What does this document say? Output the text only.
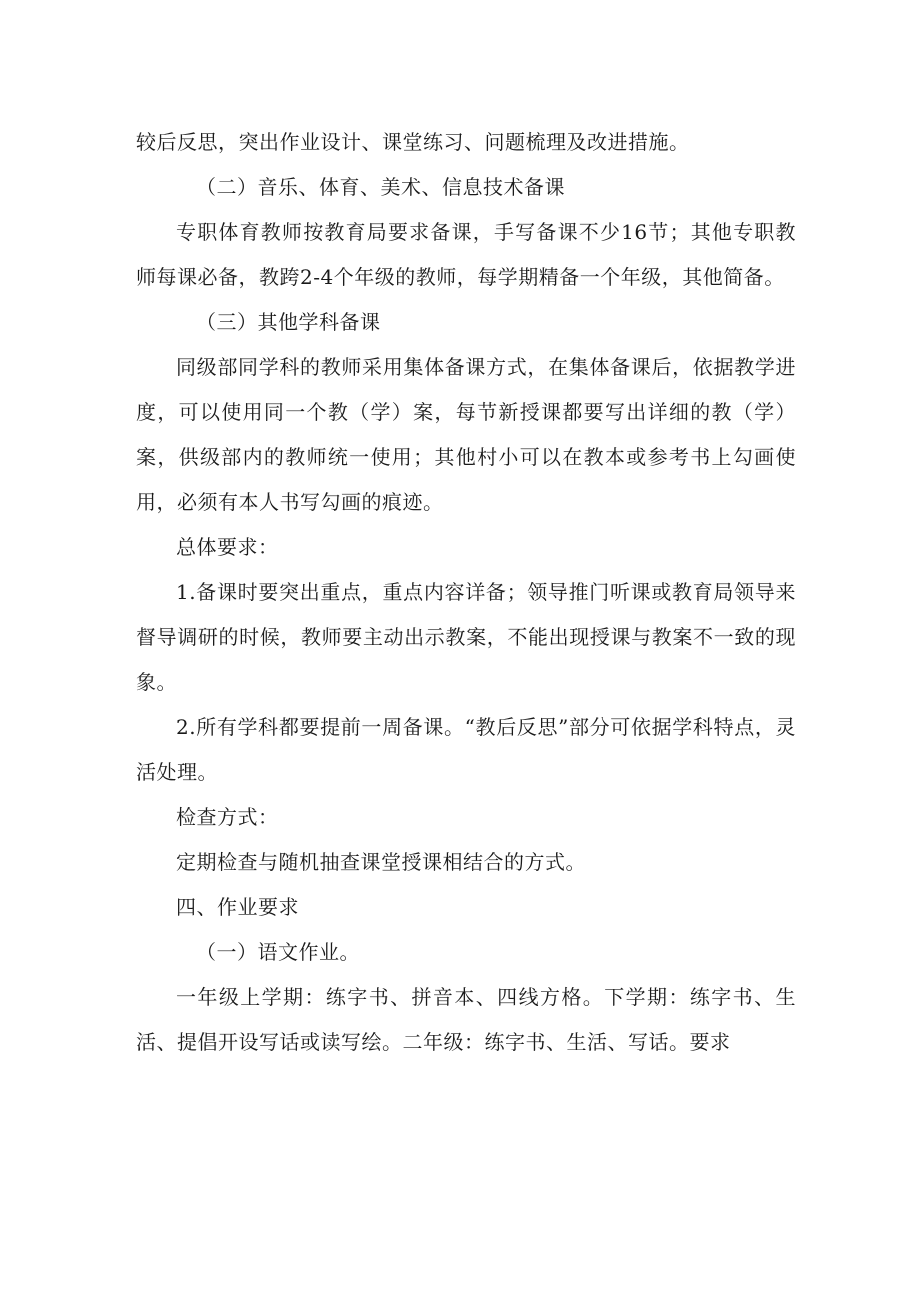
较后反思，突出作业设计、课堂练习、问题梳理及改进措施。

（二）音乐、体育、美术、信息技术备课

专职体育教师按教育局要求备课，手写备课不少16节；其他专职教师每课必备，教跨2-4个年级的教师，每学期精备一个年级，其他简备。

（三）其他学科备课

同级部同学科的教师采用集体备课方式，在集体备课后，依据教学进度，可以使用同一个教（学）案，每节新授课都要写出详细的教（学）案，供级部内的教师统一使用；其他村小可以在教本或参考书上勾画使用，必须有本人书写勾画的痕迹。

总体要求：

1.备课时要突出重点，重点内容详备；领导推门听课或教育局领导来督导调研的时候，教师要主动出示教案，不能出现授课与教案不一致的现象。

2.所有学科都要提前一周备课。“教后反思”部分可依据学科特点，灵活处理。

检查方式：

定期检查与随机抽查课堂授课相结合的方式。

四、作业要求

（一）语文作业。

一年级上学期：练字书、拼音本、四线方格。下学期：练字书、生活、提倡开设写话或读写绘。二年级：练字书、生活、写话。要求
